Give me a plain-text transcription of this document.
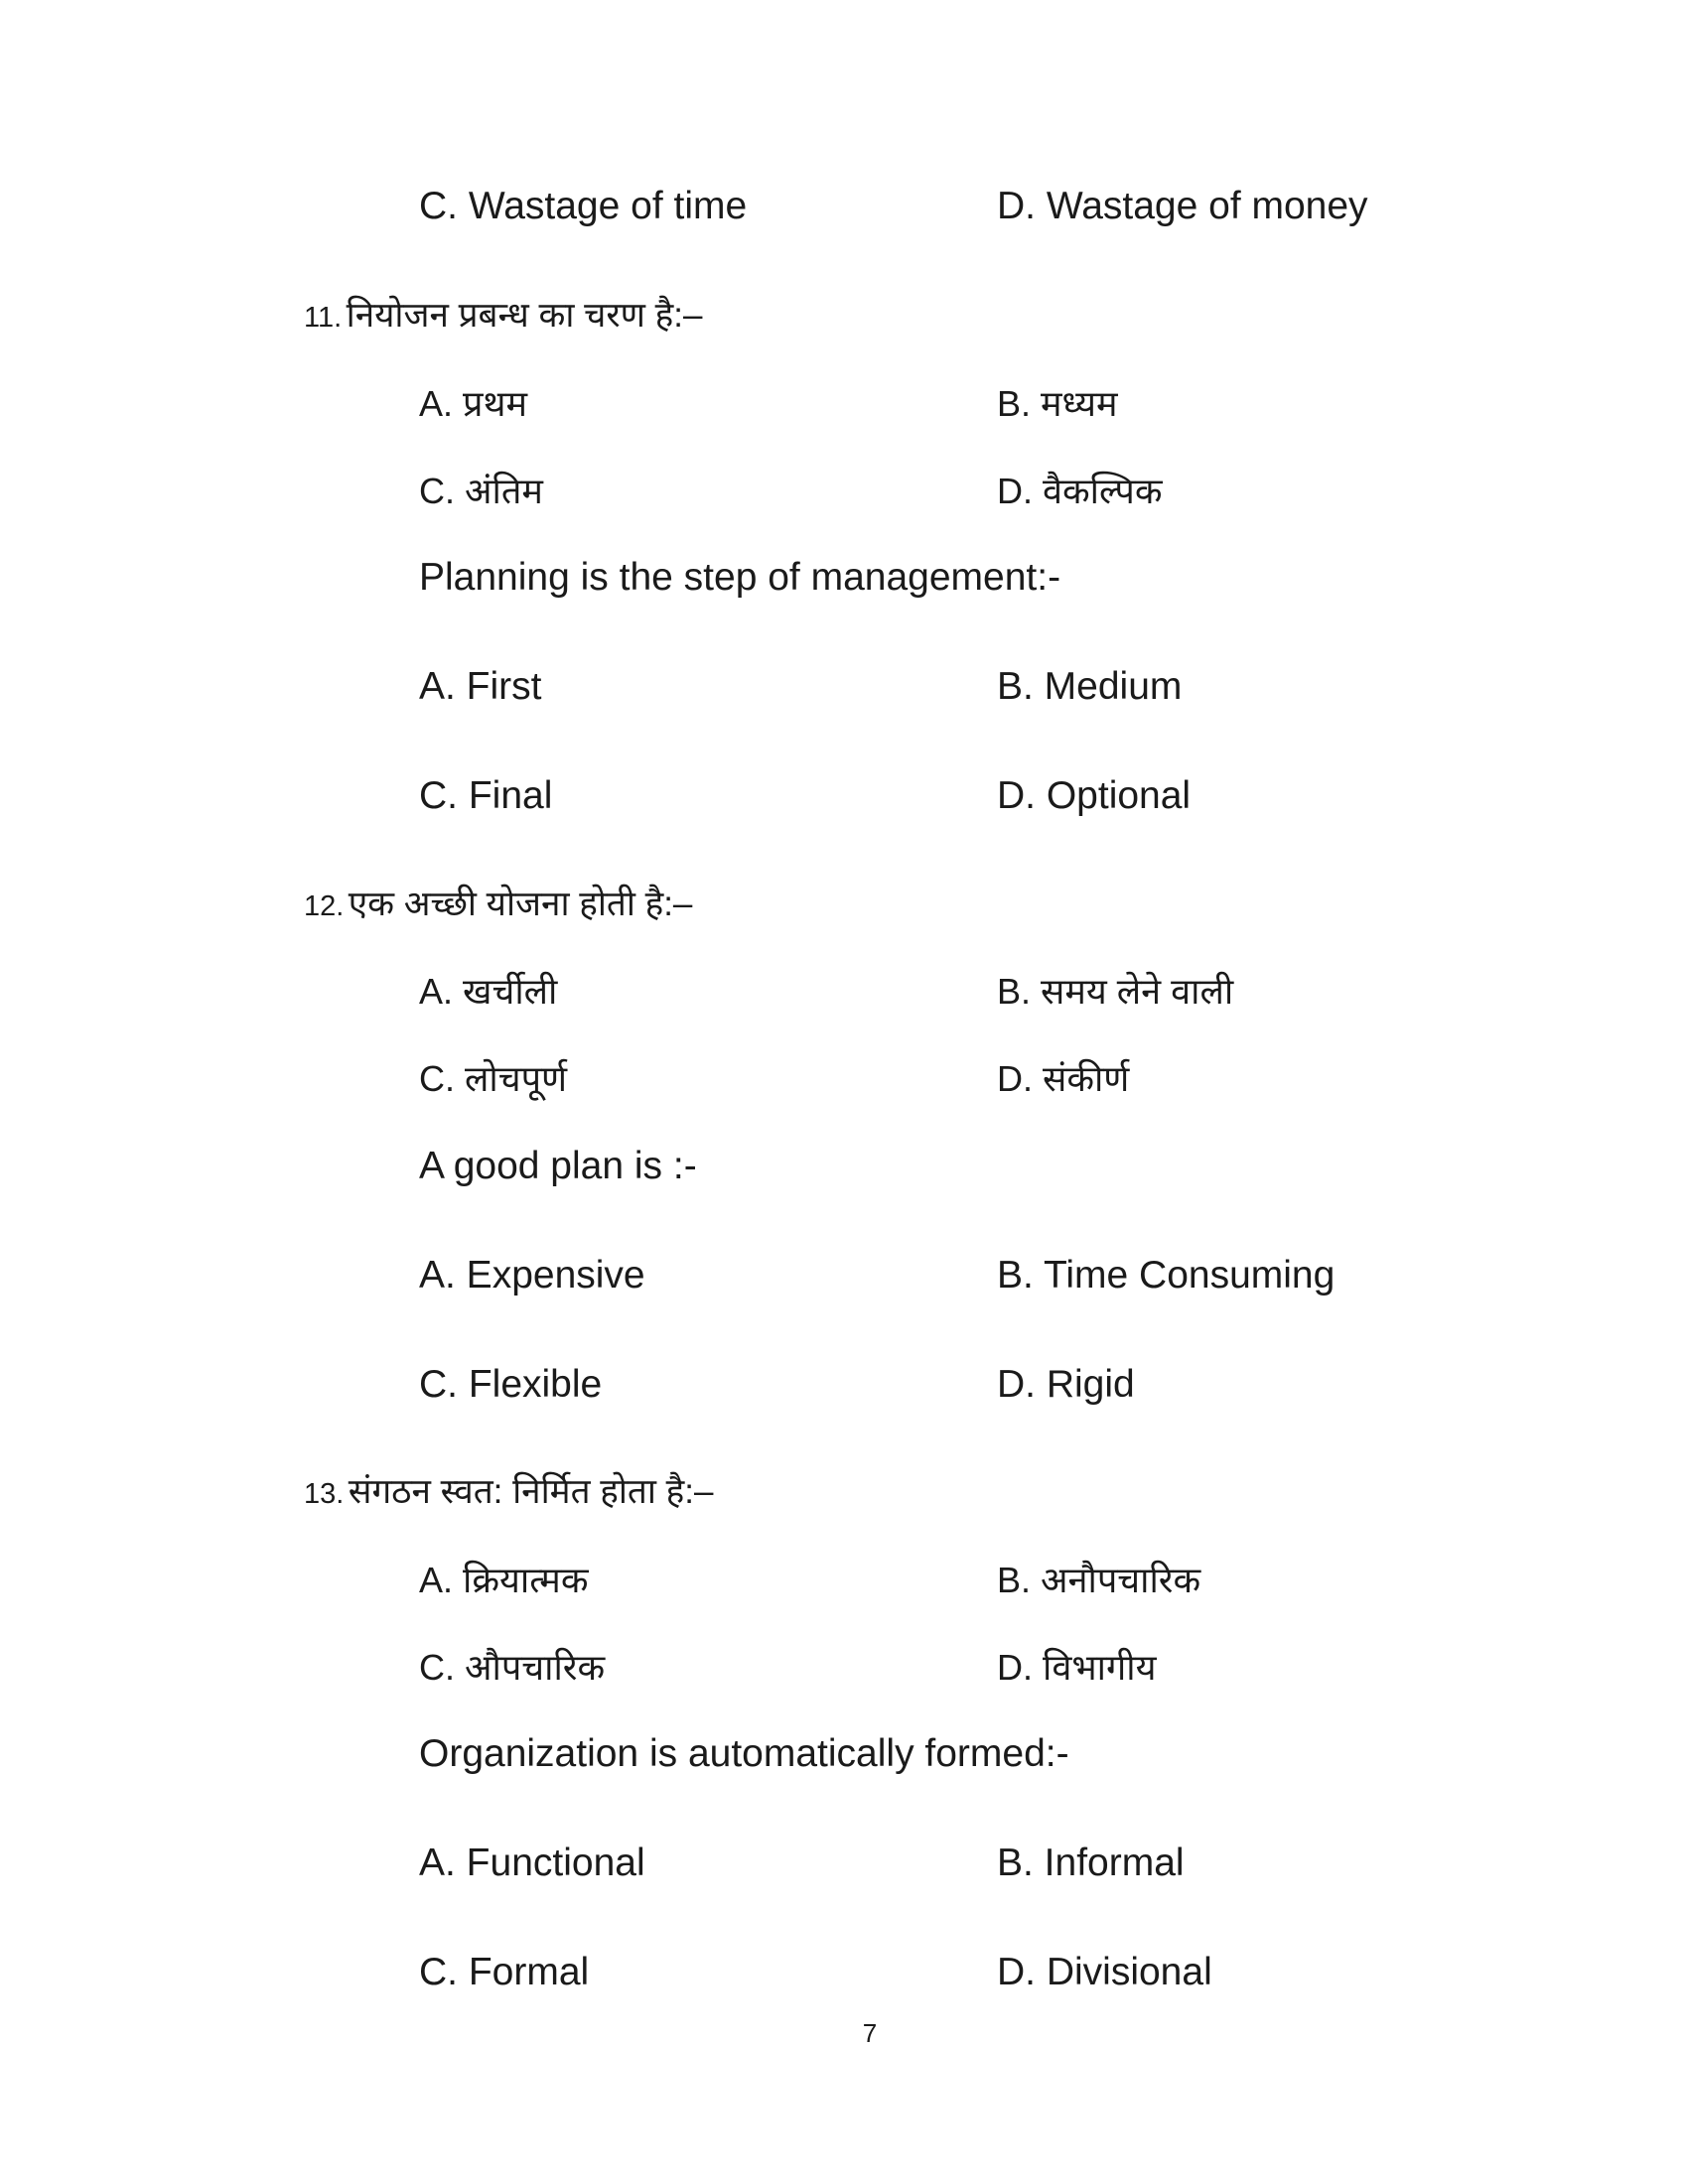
C. Wastage of time	D. Wastage of money
11. नियोजन प्रबन्ध का चरण है:–
A. प्रथम	B. मध्यम
C. अंतिम	D. वैकल्पिक
Planning is the step of management:-
A. First	B. Medium
C. Final	D. Optional
12. एक अच्छी योजना होती है:–
A. खर्चीली	B. समय लेने वाली
C. लोचपूर्ण	D. संकीर्ण
A good plan is :-
A. Expensive	B. Time Consuming
C. Flexible	D. Rigid
13. संगठन स्वत: निर्मित होता है:–
A. क्रियात्मक	B. अनौपचारिक
C. औपचारिक	D. विभागीय
Organization is automatically formed:-
A. Functional	B. Informal
C. Formal	D. Divisional
7
